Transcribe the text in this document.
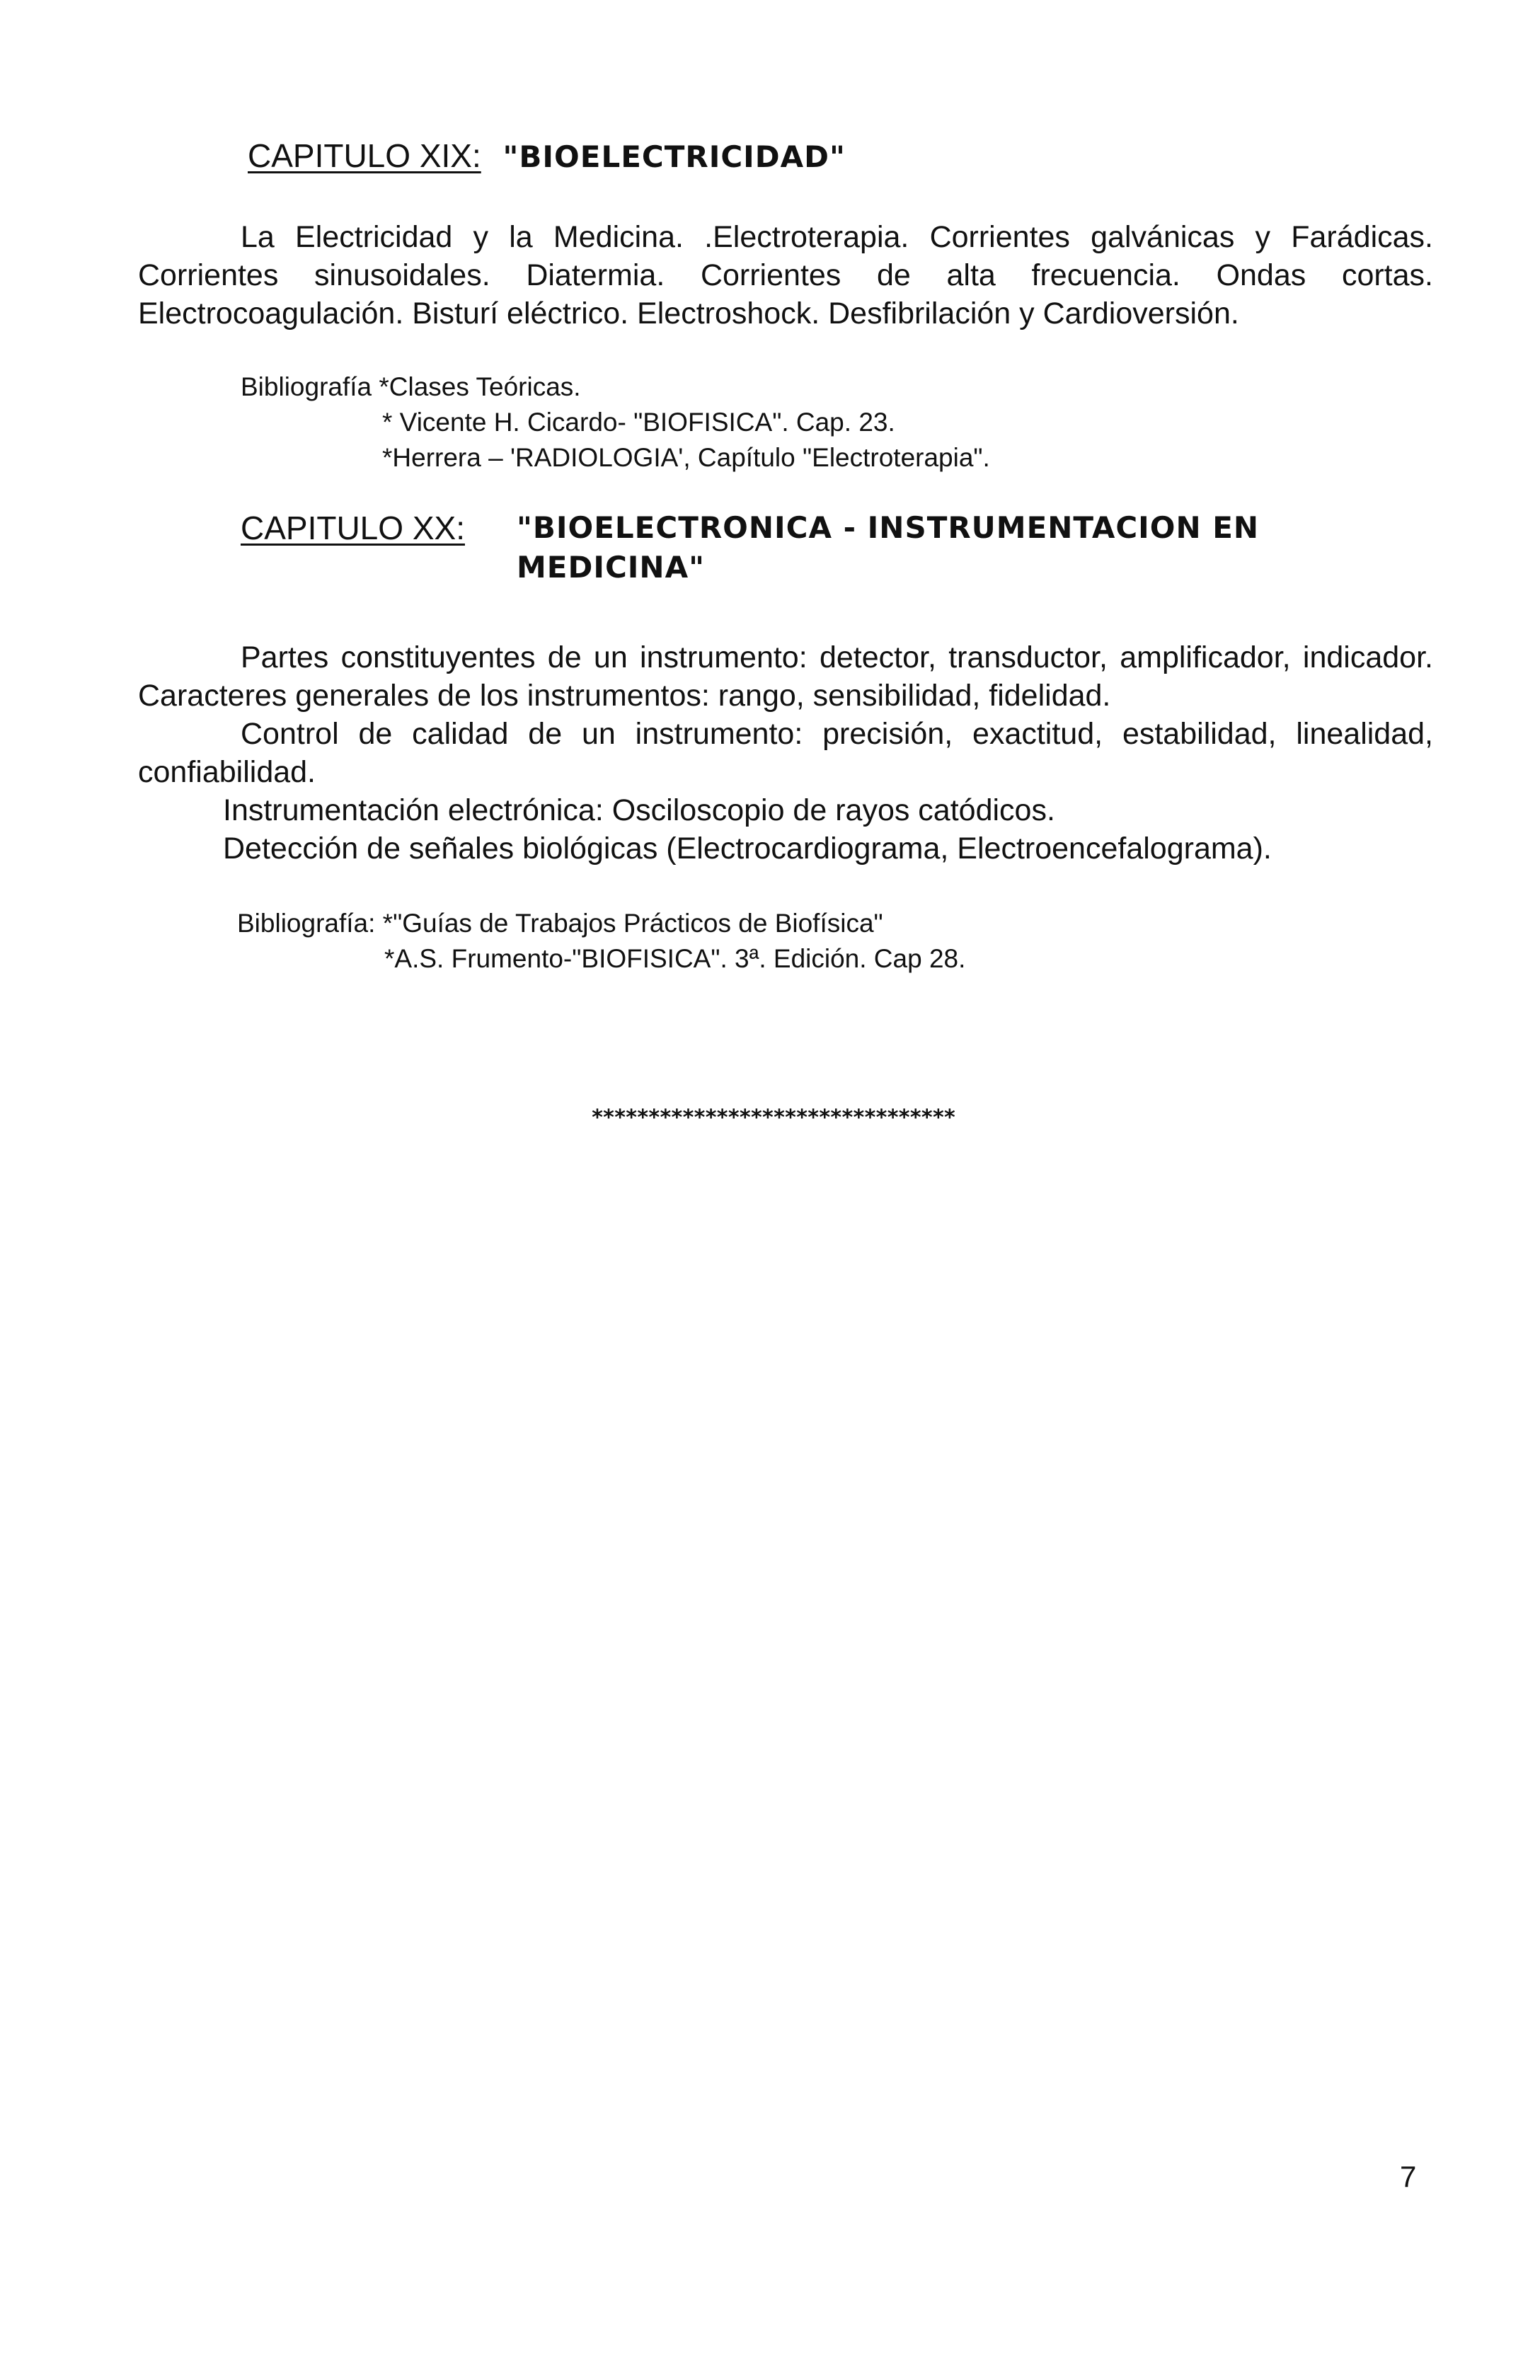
CAPITULO XIX: "BIOELECTRICIDAD"

La Electricidad y la Medicina. .Electroterapia. Corrientes galvánicas y Farádicas. Corrientes sinusoidales. Diatermia. Corrientes de alta frecuencia. Ondas cortas. Electrocoagulación. Bisturí eléctrico. Electroshock. Desfibrilación y Cardioversión.

Bibliografía *Clases Teóricas.
* Vicente H. Cicardo- "BIOFISICA". Cap. 23.
*Herrera – 'RADIOLOGIA', Capítulo "Electroterapia".
CAPITULO XX: "BIOELECTRONICA - INSTRUMENTACION EN
MEDICINA"

Partes constituyentes de un instrumento: detector, transductor, amplificador, indicador. Caracteres generales de los instrumentos: rango, sensibilidad, fidelidad.

Control de calidad de un instrumento: precisión, exactitud, estabilidad, linealidad, confiabilidad.

Instrumentación electrónica: Osciloscopio de rayos catódicos.

Detección de señales biológicas (Electrocardiograma, Electroencefalograma).

Bibliografía: *"Guías de Trabajos Prácticos de Biofísica"
*A.S. Frumento-"BIOFISICA". 3ª. Edición. Cap 28.
********************************
7
